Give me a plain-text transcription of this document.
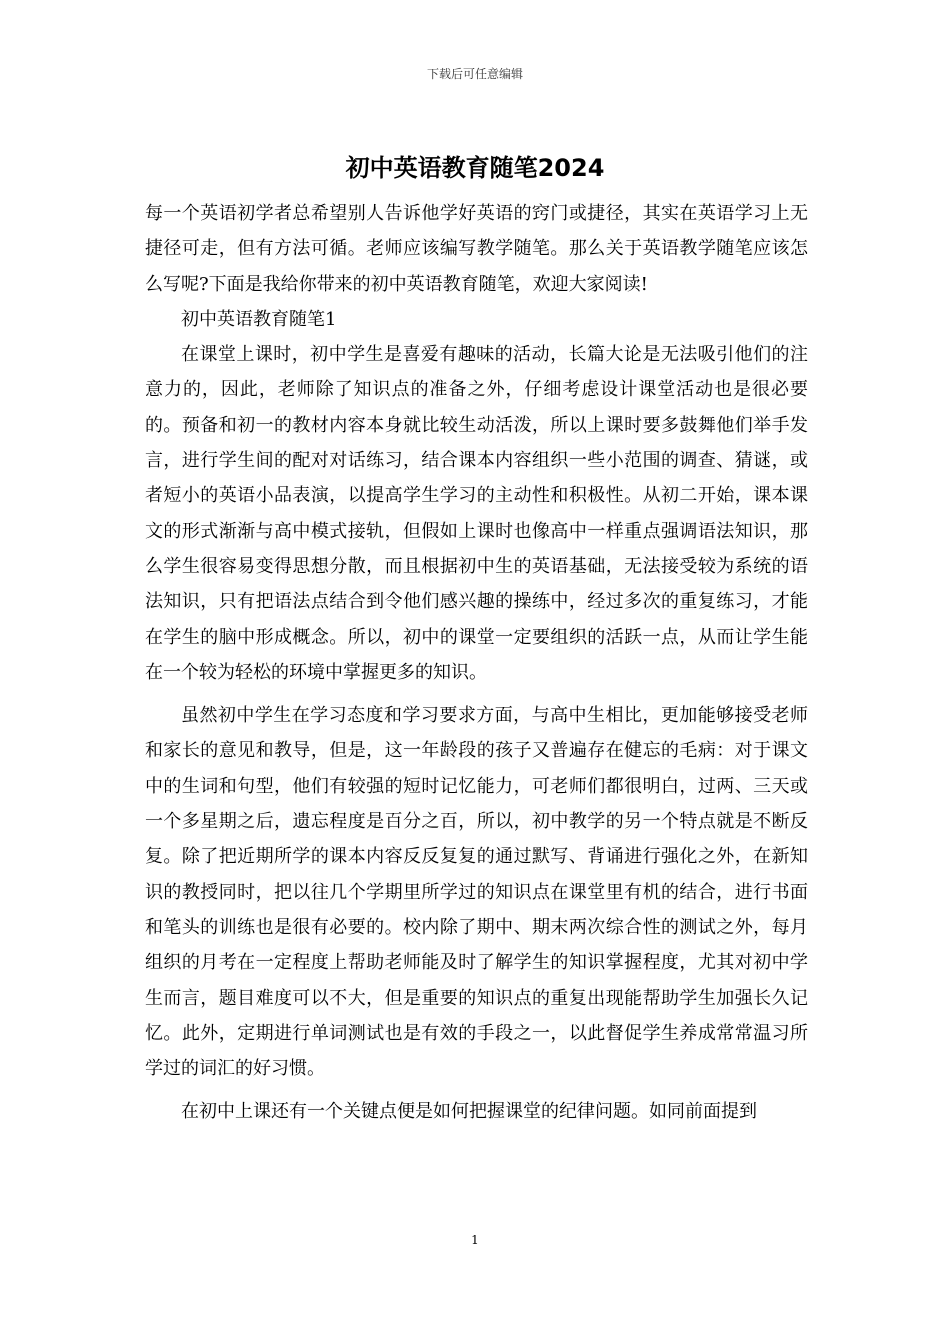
下载后可任意编辑
初中英语教育随笔2024

每一个英语初学者总希望别人告诉他学好英语的窍门或捷径，其实在英语学习上无捷径可走，但有方法可循。老师应该编写教学随笔。那么关于英语教学随笔应该怎么写呢?下面是我给你带来的初中英语教育随笔，欢迎大家阅读!

初中英语教育随笔1

在课堂上课时，初中学生是喜爱有趣味的活动，长篇大论是无法吸引他们的注意力的，因此，老师除了知识点的准备之外，仔细考虑设计课堂活动也是很必要的。预备和初一的教材内容本身就比较生动活泼，所以上课时要多鼓舞他们举手发言，进行学生间的配对对话练习，结合课本内容组织一些小范围的调查、猜谜，或者短小的英语小品表演，以提高学生学习的主动性和积极性。从初二开始，课本课文的形式渐渐与高中模式接轨，但假如上课时也像高中一样重点强调语法知识，那么学生很容易变得思想分散，而且根据初中生的英语基础，无法接受较为系统的语法知识，只有把语法点结合到令他们感兴趣的操练中，经过多次的重复练习，才能在学生的脑中形成概念。所以，初中的课堂一定要组织的活跃一点，从而让学生能在一个较为轻松的环境中掌握更多的知识。

虽然初中学生在学习态度和学习要求方面，与高中生相比，更加能够接受老师和家长的意见和教导，但是，这一年龄段的孩子又普遍存在健忘的毛病：对于课文中的生词和句型，他们有较强的短时记忆能力，可老师们都很明白，过两、三天或一个多星期之后，遗忘程度是百分之百，所以，初中教学的另一个特点就是不断反复。除了把近期所学的课本内容反反复复的通过默写、背诵进行强化之外，在新知识的教授同时，把以往几个学期里所学过的知识点在课堂里有机的结合，进行书面和笔头的训练也是很有必要的。校内除了期中、期末两次综合性的测试之外，每月组织的月考在一定程度上帮助老师能及时了解学生的知识掌握程度，尤其对初中学生而言，题目难度可以不大，但是重要的知识点的重复出现能帮助学生加强长久记忆。此外，定期进行单词测试也是有效的手段之一，以此督促学生养成常常温习所学过的词汇的好习惯。

在初中上课还有一个关键点便是如何把握课堂的纪律问题。如同前面提到

1
